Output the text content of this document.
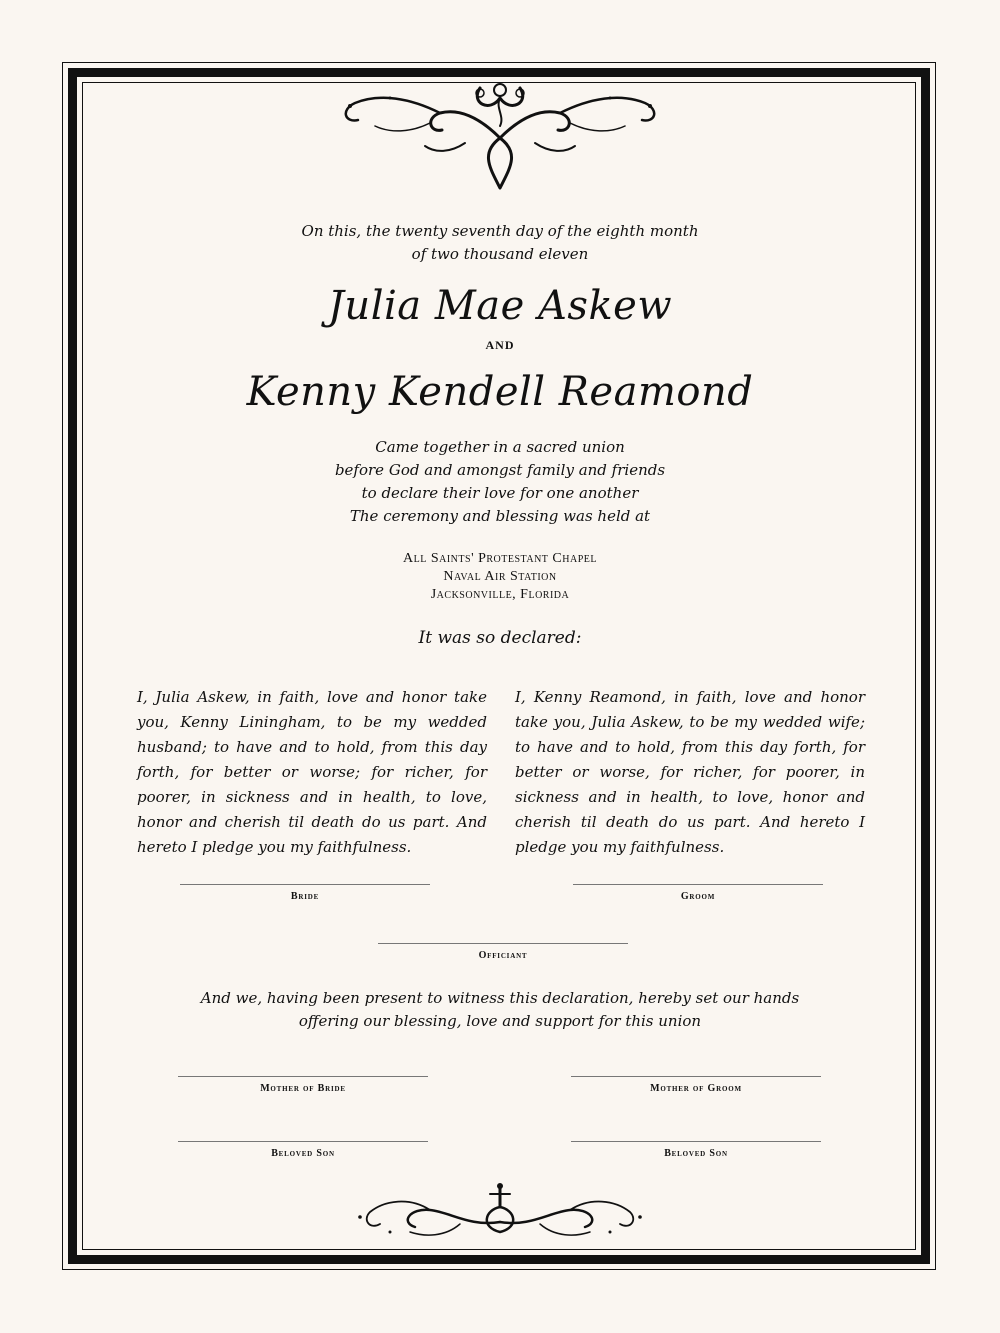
On this, the twenty seventh day of the eighth month
of two thousand eleven
Julia Mae Askew
AND
Kenny Kendell Reamond
Came together in a sacred union
before God and amongst family and friends
to declare their love for one another
The ceremony and blessing was held at
All Saints' Protestant Chapel
Naval Air Station
Jacksonville, Florida
It was so declared:
I, Julia Askew, in faith, love and honor take you, Kenny Liningham, to be my wedded husband; to have and to hold, from this day forth, for better or worse; for richer, for poorer, in sickness and in health, to love, honor and cherish til death do us part. And hereto I pledge you my faithfulness.
I, Kenny Reamond, in faith, love and honor take you, Julia Askew, to be my wedded wife; to have and to hold, from this day forth, for better or worse, for richer, for poorer, in sickness and in health, to love, honor and cherish til death do us part. And hereto I pledge you my faithfulness.
Bride	Groom
Officiant
And we, having been present to witness this declaration, hereby set our hands
offering our blessing, love and support for this union
Mother of Bride	Mother of Groom
Beloved Son	Beloved Son
